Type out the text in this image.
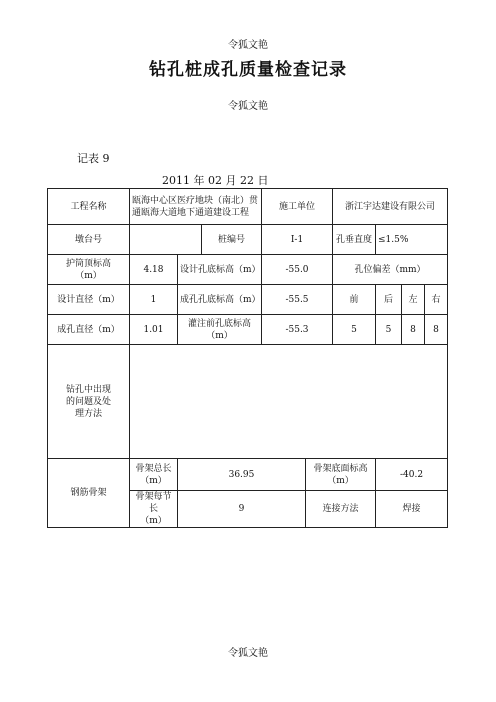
令狐文艳
钻孔桩成孔质量检查记录
令狐文艳
记表 9
2011 年 02 月 22 日
工程名称	瓯海中心区医疗地块（南北）贯通瓯海大道地下通道建设工程			施工单位		浙江宇达建设有限公司			
墩台号			桩编号	Ⅰ-1		孔垂直度	≤1.5%		
护筒顶标高
（m）	4.18	设计孔底标高（m）		-55.0		孔位偏差（mm）			
设计直径（m）	1	成孔孔底标高（m）		-55.5		前	后	左	右
成孔直径（m）	1.01	灌注前孔底标高
（m）		-55.3		5	5	8	8
钻孔中出现
的问题及处
理方法									
钢筋骨架	骨架总长
（m）	36.95			骨架底面标高
（m）		-40.2		
	骨架每节长
（m）	9			连接方法		焊接		
令狐文艳
